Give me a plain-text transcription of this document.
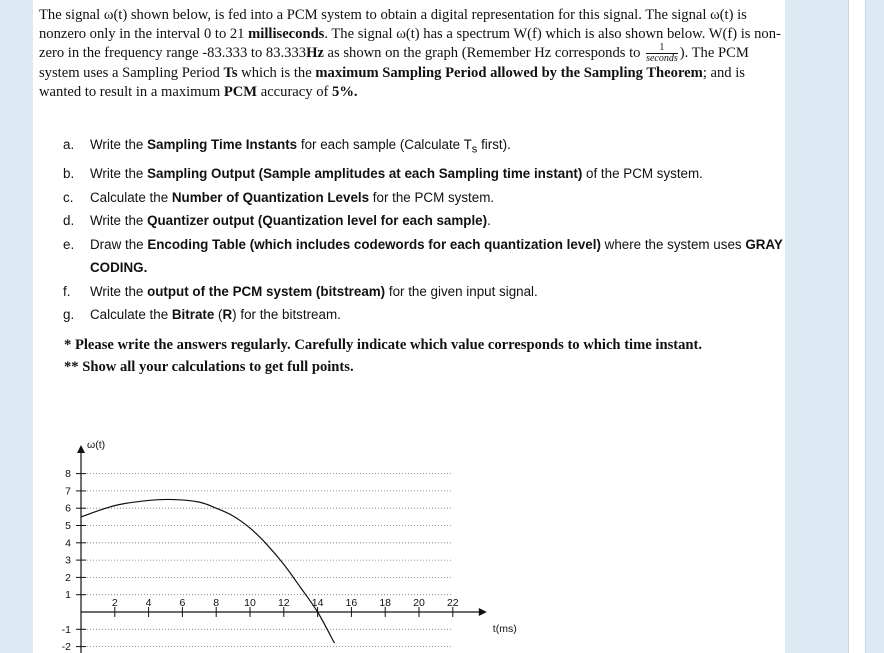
The signal ω(t) shown below, is fed into a PCM system to obtain a digital representation for this signal. The signal ω(t) is nonzero only in the interval 0 to 21 milliseconds. The signal ω(t) has a spectrum W(f) which is also shown below. W(f) is non-zero in the frequency range -83.333 to 83.333Hz as shown on the graph (Remember Hz corresponds to $\frac{1}{\text{seconds}}$ ). The PCM system uses a Sampling Period Ts which is the maximum Sampling Period allowed by the Sampling Theorem; and is wanted to result in a maximum PCM accuracy of 5%.
a. Write the Sampling Time Instants for each sample (Calculate $T_s$ first).
b. Write the Sampling Output (Sample amplitudes at each Sampling time instant) of the PCM system.
c. Calculate the Number of Quantization Levels for the PCM system.
d. Write the Quantizer output (Quantization level for each sample).
e. Draw the Encoding Table (which includes codewords for each quantization level) where the system uses GRAY CODING.
f. Write the output of the PCM system (bitstream) for the given input signal.
g. Calculate the Bitrate (R) for the bitstream.

* Please write the answers regularly. Carefully indicate which value corresponds to which time instant.

** Show all your calculations to get full points.

8
7
6
5
4
3
2
1
-1
-2
2	4	6	8 10 12 14 16 18 20 22
ω(t)
t(ms)
